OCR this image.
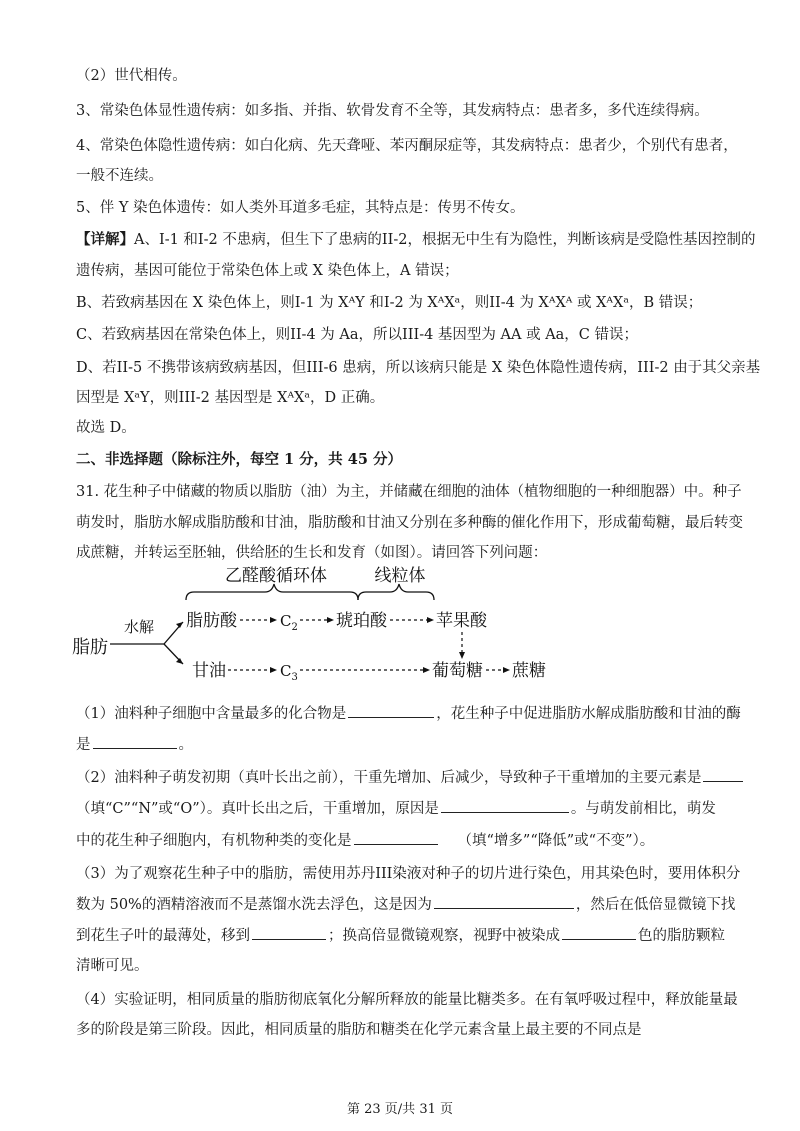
（2）世代相传。
3、常染色体显性遗传病：如多指、并指、软骨发育不全等，其发病特点：患者多，多代连续得病。
4、常染色体隐性遗传病：如白化病、先天聋哑、苯丙酮尿症等，其发病特点：患者少，个别代有患者，
一般不连续。
5、伴 Y 染色体遗传：如人类外耳道多毛症，其特点是：传男不传女。
【详解】A、I-1 和I-2 不患病，但生下了患病的II-2，根据无中生有为隐性，判断该病是受隐性基因控制的
遗传病，基因可能位于常染色体上或 X 染色体上，A 错误；
B、若致病基因在 X 染色体上，则I-1 为 XᴬY 和I-2 为 XᴬXᵃ，则II-4 为 XᴬXᴬ 或 XᴬXᵃ，B 错误；
C、若致病基因在常染色体上，则II-4 为 Aa，所以III-4 基因型为 AA 或 Aa，C 错误；
D、若II-5 不携带该病致病基因，但III-6 患病，所以该病只能是 X 染色体隐性遗传病，III-2 由于其父亲基
因型是 XᵃY，则III-2 基因型是 XᴬXᵃ，D 正确。
故选 D。
二、非选择题（除标注外，每空 1 分，共 45 分）
31. 花生种子中储藏的物质以脂肪（油）为主，并储藏在细胞的油体（植物细胞的一种细胞器）中。种子
萌发时，脂肪水解成脂肪酸和甘油，脂肪酸和甘油又分别在多种酶的催化作用下，形成葡萄糖，最后转变
成蔗糖，并转运至胚轴，供给胚的生长和发育（如图）。请回答下列问题：
乙醛酸循环体	线粒体
脂肪
水解 脂肪酸	$C_2$ 琥珀酸	苹果酸
甘油	$C_3$	葡萄糖 蔗糖
（1）油料种子细胞中含量最多的化合物是	，花生种子中促进脂肪水解成脂肪酸和甘油的酶
是	。
（2）油料种子萌发初期（真叶长出之前），干重先增加、后减少，导致种子干重增加的主要元素是
（填“C”“N”或“O”）。真叶长出之后，干重增加，原因是	。与萌发前相比，萌发
中的花生种子细胞内，有机物种类的变化是	（填“增多”“降低”或“不变”）。
（3）为了观察花生种子中的脂肪，需使用苏丹III染液对种子的切片进行染色，用其染色时，要用体积分
数为 50%的酒精溶液而不是蒸馏水洗去浮色，这是因为	，然后在低倍显微镜下找
到花生子叶的最薄处，移到	；换高倍显微镜观察，视野中被染成	色的脂肪颗粒
清晰可见。
（4）实验证明，相同质量的脂肪彻底氧化分解所释放的能量比糖类多。在有氧呼吸过程中，释放能量最
多的阶段是第三阶段。因此，相同质量的脂肪和糖类在化学元素含量上最主要的不同点是
第 23 页/共 31 页
